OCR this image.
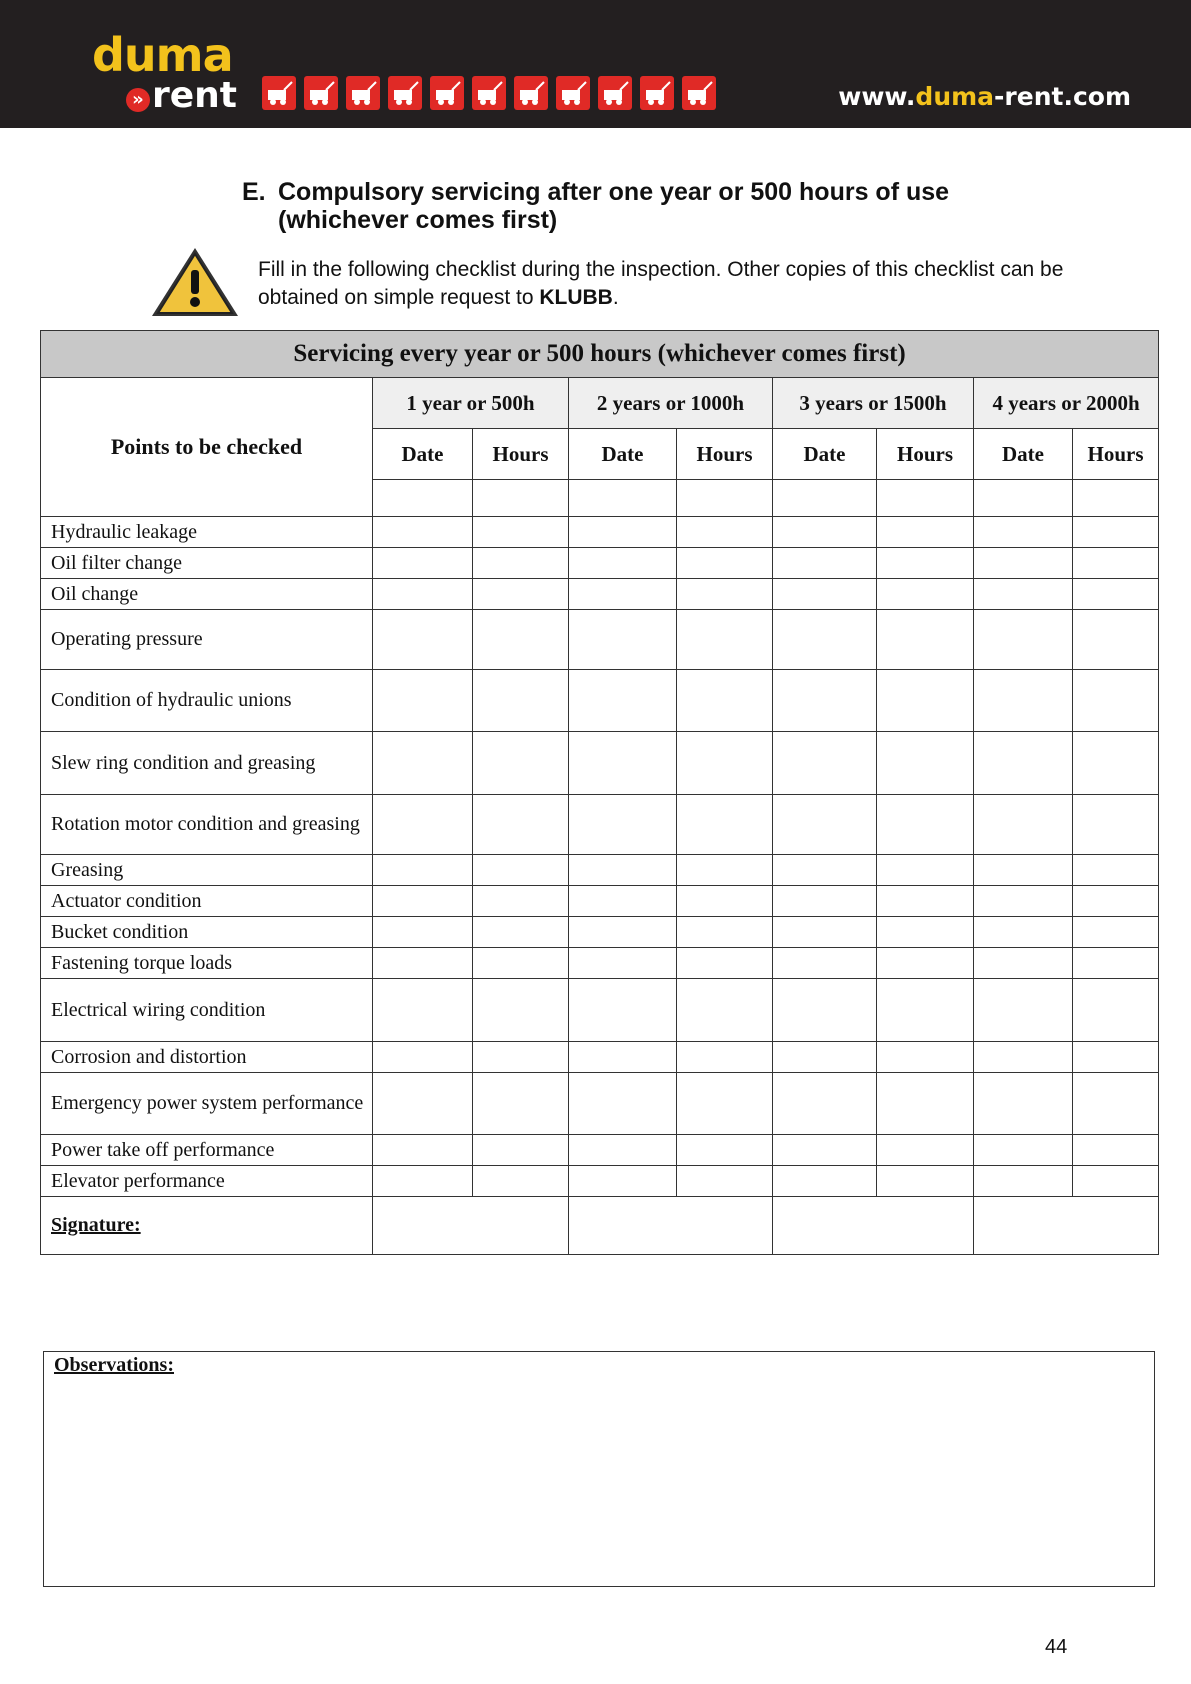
duma
» rent	www.duma-rent.com
E. Compulsory servicing after one year or 500 hours of use
(whichever comes first)
Fill in the following checklist during the inspection. Other copies of this checklist can be obtained on simple request to KLUBB.
Servicing every year or 500 hours (whichever comes first)								
Points to be checked	1 year or 500h		2 years or 1000h		3 years or 1500h		4 years or 2000h	
	Date	Hours	Date	Hours	Date	Hours	Date	Hours

Hydraulic leakage								
Oil filter change								
Oil change								
Operating pressure								
Condition of hydraulic unions								
Slew ring condition and greasing								
Rotation motor condition and greasing								
Greasing								
Actuator condition								
Bucket condition								
Fastening torque loads								
Electrical wiring condition								
Corrosion and distortion								
Emergency power system performance								
Power take off performance								
Elevator performance								
Signature:								
Observations:
44
